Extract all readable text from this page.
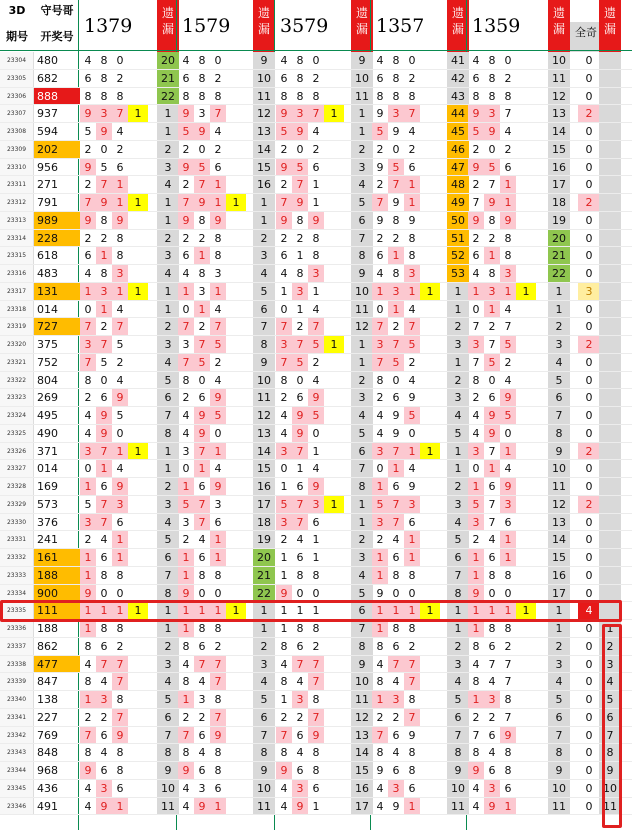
3D
期号
守号哥
开奖号 1379
遗漏 1579
遗漏 3579
遗漏 1357
遗漏 1359
遗漏 全奇
遗漏
23304 480	4 8 0	20 4 8 0	9	4 8 0	9	4 8 0	41 4 8 0	10	0
23305 682	6 8 2	21 6 8 2	10 6 8 2	10 6 8 2	42 6 8 2	11	0
23306 888	8 8 8	22 8 8 8	11 8 8 8	11 8 8 8	43 8 8 8	12	0
23307 937	9 3 7	1	1	9 3 7	12 9 3 7	1	1	9 3 7	44 9 3 7	13	2
23308 594	5 9 4	1	5 9 4	13 5 9 4	1	5 9 4	45 5 9 4	14	0
23309 202	2 0 2	2	2 0 2	14 2 0 2	2	2 0 2	46 2 0 2	15	0
23310 956	9 5 6	3	9 5 6	15 9 5 6	3	9 5 6	47 9 5 6	16	0
23311 271	2 7 1	4	2 7 1	16 2 7 1	4	2 7 1	48 2 7 1	17	0
23312 791	7 9 1	1	1	7 9 1	1	1	7 9 1	5	7 9 1	49 7 9 1	18	2
23313 989	9 8 9	1	9 8 9	1	9 8 9	6	9 8 9	50 9 8 9	19	0
23314 228	2 2 8	2	2 2 8	2	2 2 8	7	2 2 8	51 2 2 8	20	0
23315 618	6 1 8	3	6 1 8	3	6 1 8	8	6 1 8	52 6 1 8	21	0
23316 483	4 8 3	4	4 8 3	4	4 8 3	9	4 8 3	53 4 8 3	22	0
23317 131	1 3 1	1	1	1 3 1	5	1 3 1	10 1 3 1	1	1	1 3 1	1	1	3
23318 014	0 1 4	1	0 1 4	6	0 1 4	11 0 1 4	1	0 1 4	1	0
23319 727	7 2 7	2	7 2 7	7	7 2 7	12 7 2 7	2	7 2 7	2	0
23320 375	3 7 5	3	3 7 5	8	3 7 5	1	1	3 7 5	3	3 7 5	3	2
23321 752	7 5 2	4	7 5 2	9	7 5 2	1	7 5 2	1	7 5 2	4	0
23322 804	8 0 4	5	8 0 4	10 8 0 4	2	8 0 4	2	8 0 4	5	0
23323 269	2 6 9	6	2 6 9	11 2 6 9	3	2 6 9	3	2 6 9	6	0
23324 495	4 9 5	7	4 9 5	12 4 9 5	4	4 9 5	4	4 9 5	7	0
23325 490	4 9 0	8	4 9 0	13 4 9 0	5	4 9 0	5	4 9 0	8	0
23326 371	3 7 1	1	1	3 7 1	14 3 7 1	6	3 7 1	1	1	3 7 1	9	2
23327 014	0 1 4	1	0 1 4	15 0 1 4	7	0 1 4	1	0 1 4	10	0
23328 169	1 6 9	2	1 6 9	16 1 6 9	8	1 6 9	2	1 6 9	11	0
23329 573	5 7 3	3	5 7 3	17 5 7 3	1	1	5 7 3	3	5 7 3	12	2
23330 376	3 7 6	4	3 7 6	18 3 7 6	1	3 7 6	4	3 7 6	13	0
23331 241	2 4 1	5	2 4 1	19 2 4 1	2	2 4 1	5	2 4 1	14	0
23332 161	1 6 1	6	1 6 1	20 1 6 1	3	1 6 1	6	1 6 1	15	0
23333 188	1 8 8	7	1 8 8	21 1 8 8	4	1 8 8	7	1 8 8	16	0
23334 900	9 0 0	8	9 0 0	22 9 0 0	5	9 0 0	8	9 0 0	17	0
23335 111	1 1 1	1	1	1 1 1	1	1	1 1 1	6	1 1 1	1	1	1 1 1	1	1	4
23336 188	1 8 8	1	1 8 8	1	1 8 8	7	1 8 8	1	1 8 8	1	0	1
23337 862	8 6 2	2	8 6 2	2	8 6 2	8	8 6 2	2	8 6 2	2	0	2
23338 477	4 7 7	3	4 7 7	3	4 7 7	9	4 7 7	3	4 7 7	3	0	3
23339 847	8 4 7	4	8 4 7	4	8 4 7	10 8 4 7	4	8 4 7	4	0	4
23340 138	1 3 8	5	1 3 8	5	1 3 8	11 1 3 8	5	1 3 8	5	0	5
23341 227	2 2 7	6	2 2 7	6	2 2 7	12 2 2 7	6	2 2 7	6	0	6
23342 769	7 6 9	7	7 6 9	7	7 6 9	13 7 6 9	7	7 6 9	7	0	7
23343 848	8 4 8	8	8 4 8	8	8 4 8	14 8 4 8	8	8 4 8	8	0	8
23344 968	9 6 8	9	9 6 8	9	9 6 8	15 9 6 8	9	9 6 8	9	0	9
23345 436	4 3 6	10 4 3 6	10 4 3 6	16 4 3 6	10 4 3 6	10	0 10
23346 491	4 9 1	11 4 9 1	11 4 9 1	17 4 9 1	11 4 9 1	11	0 11
